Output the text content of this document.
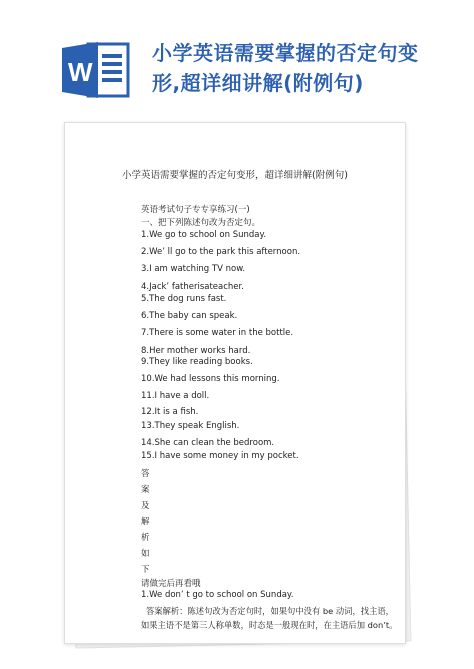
W
小学英语需要掌握的否定句变
形,超详细讲解(附例句)
小学英语需要掌握的否定句变形，超详细讲解(附例句)
英语考试句子专专享练习(一)
一、把下列陈述句改为否定句。
1.We go to school on Sunday.
2.We’ ll go to the park this afternoon.
3.I am watching TV now.
4.Jack’ fatherisateacher.
5.The dog runs fast.
6.The baby can speak.
7.There is some water in the bottle.
8.Her mother works hard.
9.They like reading books.
10.We had lessons this morning.
11.I have a doll.
12.It is a fish.
13.They speak English.
14.She can clean the bedroom.
15.I have some money in my pocket.
答
案
及
解
析
如
下
请做完后再看哦
1.We don’ t go to school on Sunday.
答案解析：陈述句改为否定句时，如果句中没有 be 动词，找主语，
如果主语不是第三人称单数，时态是一般现在时，在主语后加 don’t。
